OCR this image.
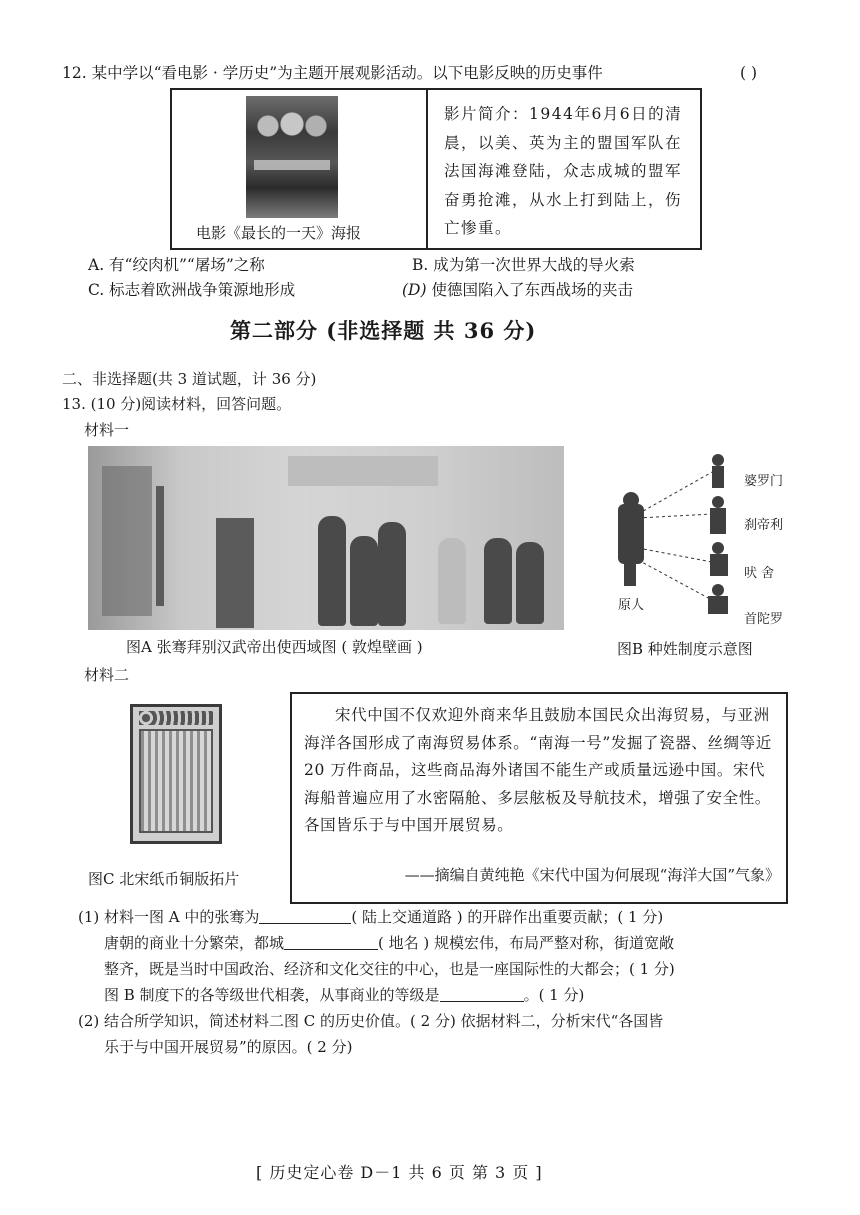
12. 某中学以“看电影 · 学历史”为主题开展观影活动。以下电影反映的历史事件	( )
电影《最长的一天》海报
影片简介：1944年6月6日的清晨，以美、英为主的盟国军队在法国海滩登陆，众志成城的盟军奋勇抢滩，从水上打到陆上，伤亡惨重。
A. 有“绞肉机”“屠场”之称	B. 成为第一次世界大战的导火索
C. 标志着欧洲战争策源地形成	(D) 使德国陷入了东西战场的夹击
第二部分 (非选择题 共 36 分)
二、非选择题(共 3 道试题，计 36 分)
13. (10 分)阅读材料，回答问题。
材料一
婆罗门
刹帝利
吠 舍
首陀罗
原人
图A 张骞拜别汉武帝出使西域图 ( 敦煌壁画 )	图B 种姓制度示意图
材料二
图C 北宋纸币铜版拓片
宋代中国不仅欢迎外商来华且鼓励本国民众出海贸易，与亚洲海洋各国形成了南海贸易体系。“南海一号”发掘了瓷器、丝绸等近 20 万件商品，这些商品海外诸国不能生产或质量远逊中国。宋代海船普遍应用了水密隔舱、多层舷板及导航技术，增强了安全性。各国皆乐于与中国开展贸易。
——摘编自黄纯艳《宋代中国为何展现“海洋大国”气象》
(1) 材料一图 A 中的张骞为	( 陆上交通道路 ) 的开辟作出重要贡献；( 1 分)
唐朝的商业十分繁荣，都城	( 地名 ) 规模宏伟，布局严整对称，街道宽敞
整齐，既是当时中国政治、经济和文化交往的中心，也是一座国际性的大都会；( 1 分)
图 B 制度下的各等级世代相袭，从事商业的等级是	。( 1 分)
(2) 结合所学知识，简述材料二图 C 的历史价值。( 2 分) 依据材料二，分析宋代“各国皆
乐于与中国开展贸易”的原因。( 2 分)
[ 历史定心卷 D－1 共 6 页 第 3 页 ]
